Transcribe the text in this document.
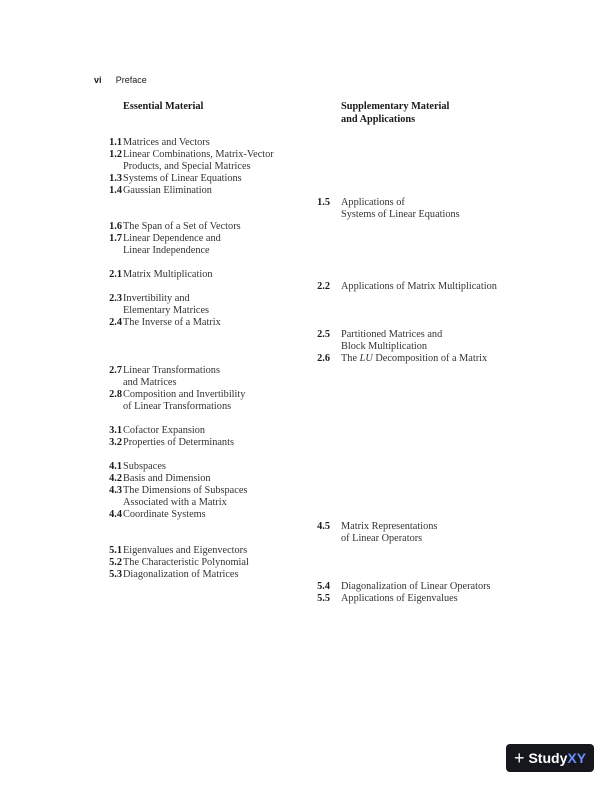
vi Preface
Essential Material	Supplementary Material
and Applications
1.1 Matrices and Vectors
1.2 Linear Combinations, Matrix-Vector
Products, and Special Matrices
1.3 Systems of Linear Equations
1.4 Gaussian Elimination
1.6 The Span of a Set of Vectors
1.7 Linear Dependence and
Linear Independence
2.1 Matrix Multiplication
2.3 Invertibility and
Elementary Matrices
2.4 The Inverse of a Matrix
2.7 Linear Transformations
and Matrices
2.8 Composition and Invertibility
of Linear Transformations
3.1 Cofactor Expansion
3.2 Properties of Determinants
4.1 Subspaces
4.2 Basis and Dimension
4.3 The Dimensions of Subspaces
Associated with a Matrix
4.4 Coordinate Systems
5.1 Eigenvalues and Eigenvectors
5.2 The Characteristic Polynomial
5.3 Diagonalization of Matrices
1.5 Applications of
Systems of Linear Equations
2.2 Applications of Matrix Multiplication
2.5 Partitioned Matrices and
Block Multiplication
2.6 The LU Decomposition of a Matrix
4.5 Matrix Representations
of Linear Operators
5.4 Diagonalization of Linear Operators
5.5 Applications of Eigenvalues
+ StudyXY
